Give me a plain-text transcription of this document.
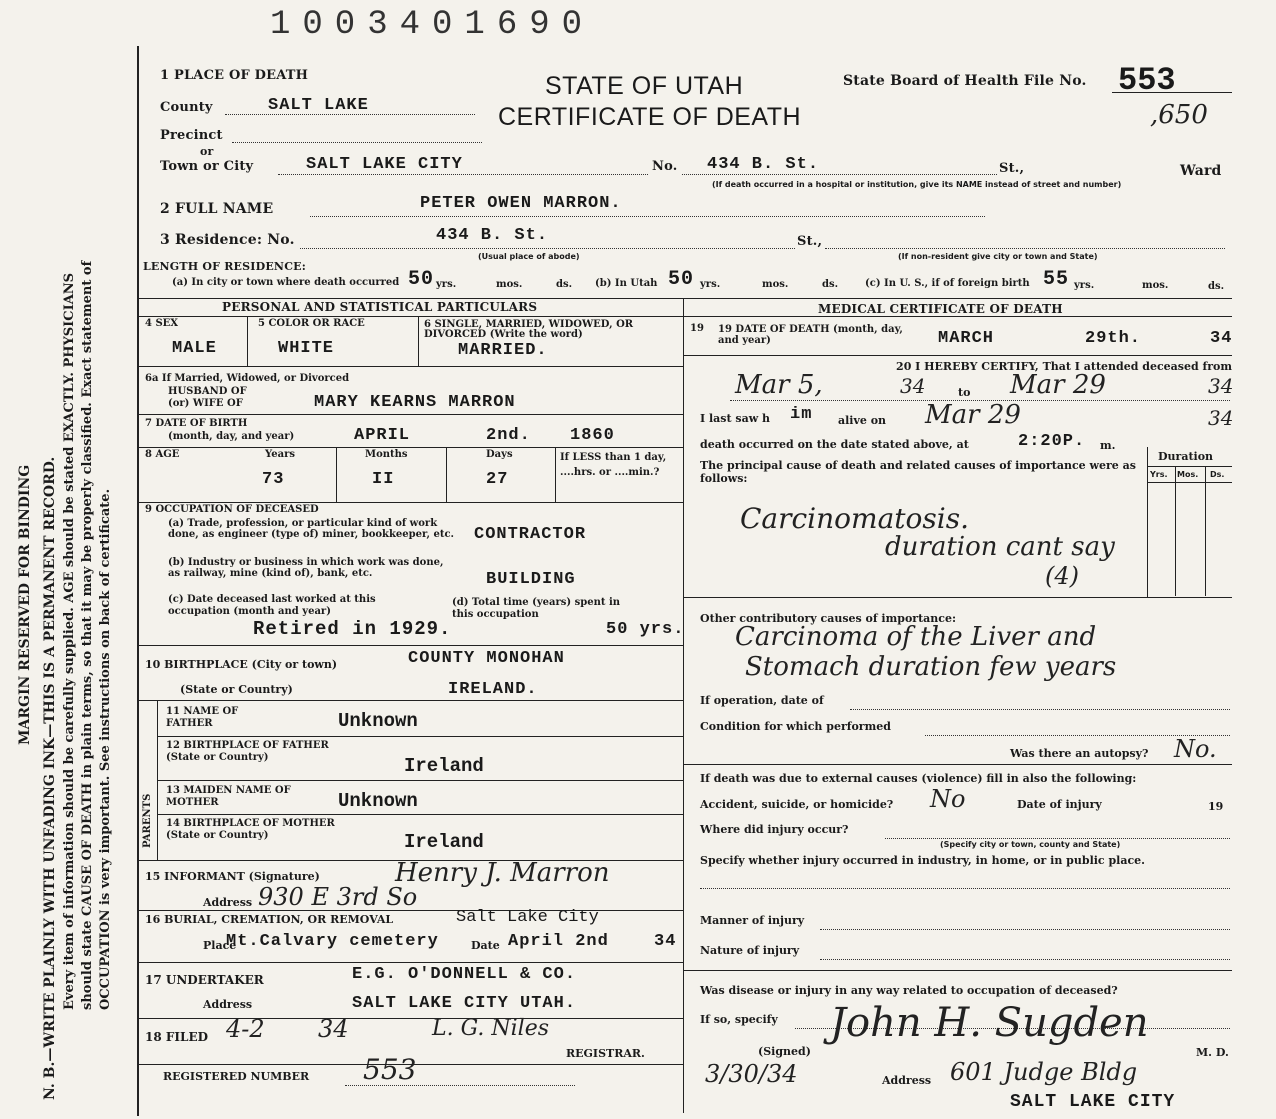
MARGIN RESERVED FOR BINDING N. B.—WRITE PLAINLY WITH UNFADING INK—THIS IS A PERMANENT RECORD. Every item of information should be carefully supplied. AGE should be stated EXACTLY. PHYSICIANS should state CAUSE OF DEATH in plain terms, so that it may be properly classified. Exact statement of OCCUPATION is very important. See instructions on back of certificate.
1003401690
1 PLACE OF DEATH	STATE OF UTAH
CERTIFICATE OF DEATH
State Board of Health File No. 553
,650
County	SALT LAKE
Precinct
or
Town or City	SALT LAKE CITY	No. 434 B. St.	St.,	Ward
(If death occurred in a hospital or institution, give its NAME instead of street and number)
2 FULL NAME	PETER OWEN MARRON.
3 Residence: No.	434 B. St.	St.,
(Usual place of abode)	(If non-resident give city or town and State)
LENGTH OF RESIDENCE:
(a) In city or town where death occurred 50 yrs.	mos.	ds. (b) In Utah 50 yrs.	mos.	ds.	(c) In U. S., if of foreign birth 55 yrs.	mos.	ds.
PERSONAL AND STATISTICAL PARTICULARS	MEDICAL CERTIFICATE OF DEATH
4 SEX
MALE
5 COLOR OR RACE
WHITE
6 SINGLE, MARRIED, WIDOWED, OR DIVORCED (Write the word)
MARRIED.
6a If Married, Widowed, or Divorced
HUSBAND OF
(or) WIFE OF	MARY KEARNS MARRON
7 DATE OF BIRTH
(month, day, and year)	APRIL	2nd. 1860
8 AGE	Years	Months	Days	If LESS than 1 day, ....hrs. or ....min.?
73	II	27
9 OCCUPATION OF DECEASED
(a) Trade, profession, or particular kind of work done, as engineer (type of) miner, bookkeeper, etc.	CONTRACTOR
(b) Industry or business in which work was done, as railway, mine (kind of), bank, etc.	BUILDING
(c) Date deceased last worked at this occupation (month and year)
Retired in 1929.
(d) Total time (years) spent in this occupation
50 yrs.
10 BIRTHPLACE (City or town)	COUNTY MONOHAN
(State or Country)	IRELAND.
PARENTS
11 NAME OF FATHER	Unknown
12 BIRTHPLACE OF FATHER (State or Country)	Ireland
13 MAIDEN NAME OF MOTHER	Unknown
14 BIRTHPLACE OF MOTHER (State or Country)	Ireland
15 INFORMANT (Signature)	Henry J. Marron
Address 930 E 3rd So
16 BURIAL, CREMATION, OR REMOVAL	Salt Lake City
Place
Mt.Calvary cemetery	Date April 2nd	34
17 UNDERTAKER	E.G. O'DONNELL & CO.
Address	SALT LAKE CITY UTAH.
18 FILED 4-2 34	L. G. Niles
REGISTRAR.
REGISTERED NUMBER 553
19 19 DATE OF DEATH (month, day, and year)	MARCH	29th.	34
20 I HEREBY CERTIFY, That I attended deceased from
Mar 5,	34	to Mar 29	34
I last saw h im alive on Mar 29	34
death occurred on the date stated above, at	2:20P. m.
The principal cause of death and related causes of importance were as follows:
Duration
Yrs. Mos. Ds.
Carcinomatosis.
duration cant say
(4)
Other contributory causes of importance:
Carcinoma of the Liver and
Stomach duration few years
If operation, date of
Condition for which performed
Was there an autopsy? No.
If death was due to external causes (violence) fill in also the following:
Accident, suicide, or homicide? No	Date of injury	19
Where did injury occur?
(Specify city or town, county and State)
Specify whether injury occurred in industry, in home, or in public place.
Manner of injury
Nature of injury
Was disease or injury in any way related to occupation of deceased?
If so, specify
(Signed)
John H. Sugden
M. D.
3/30/34	Address 601 Judge Bldg
SALT LAKE CITY
